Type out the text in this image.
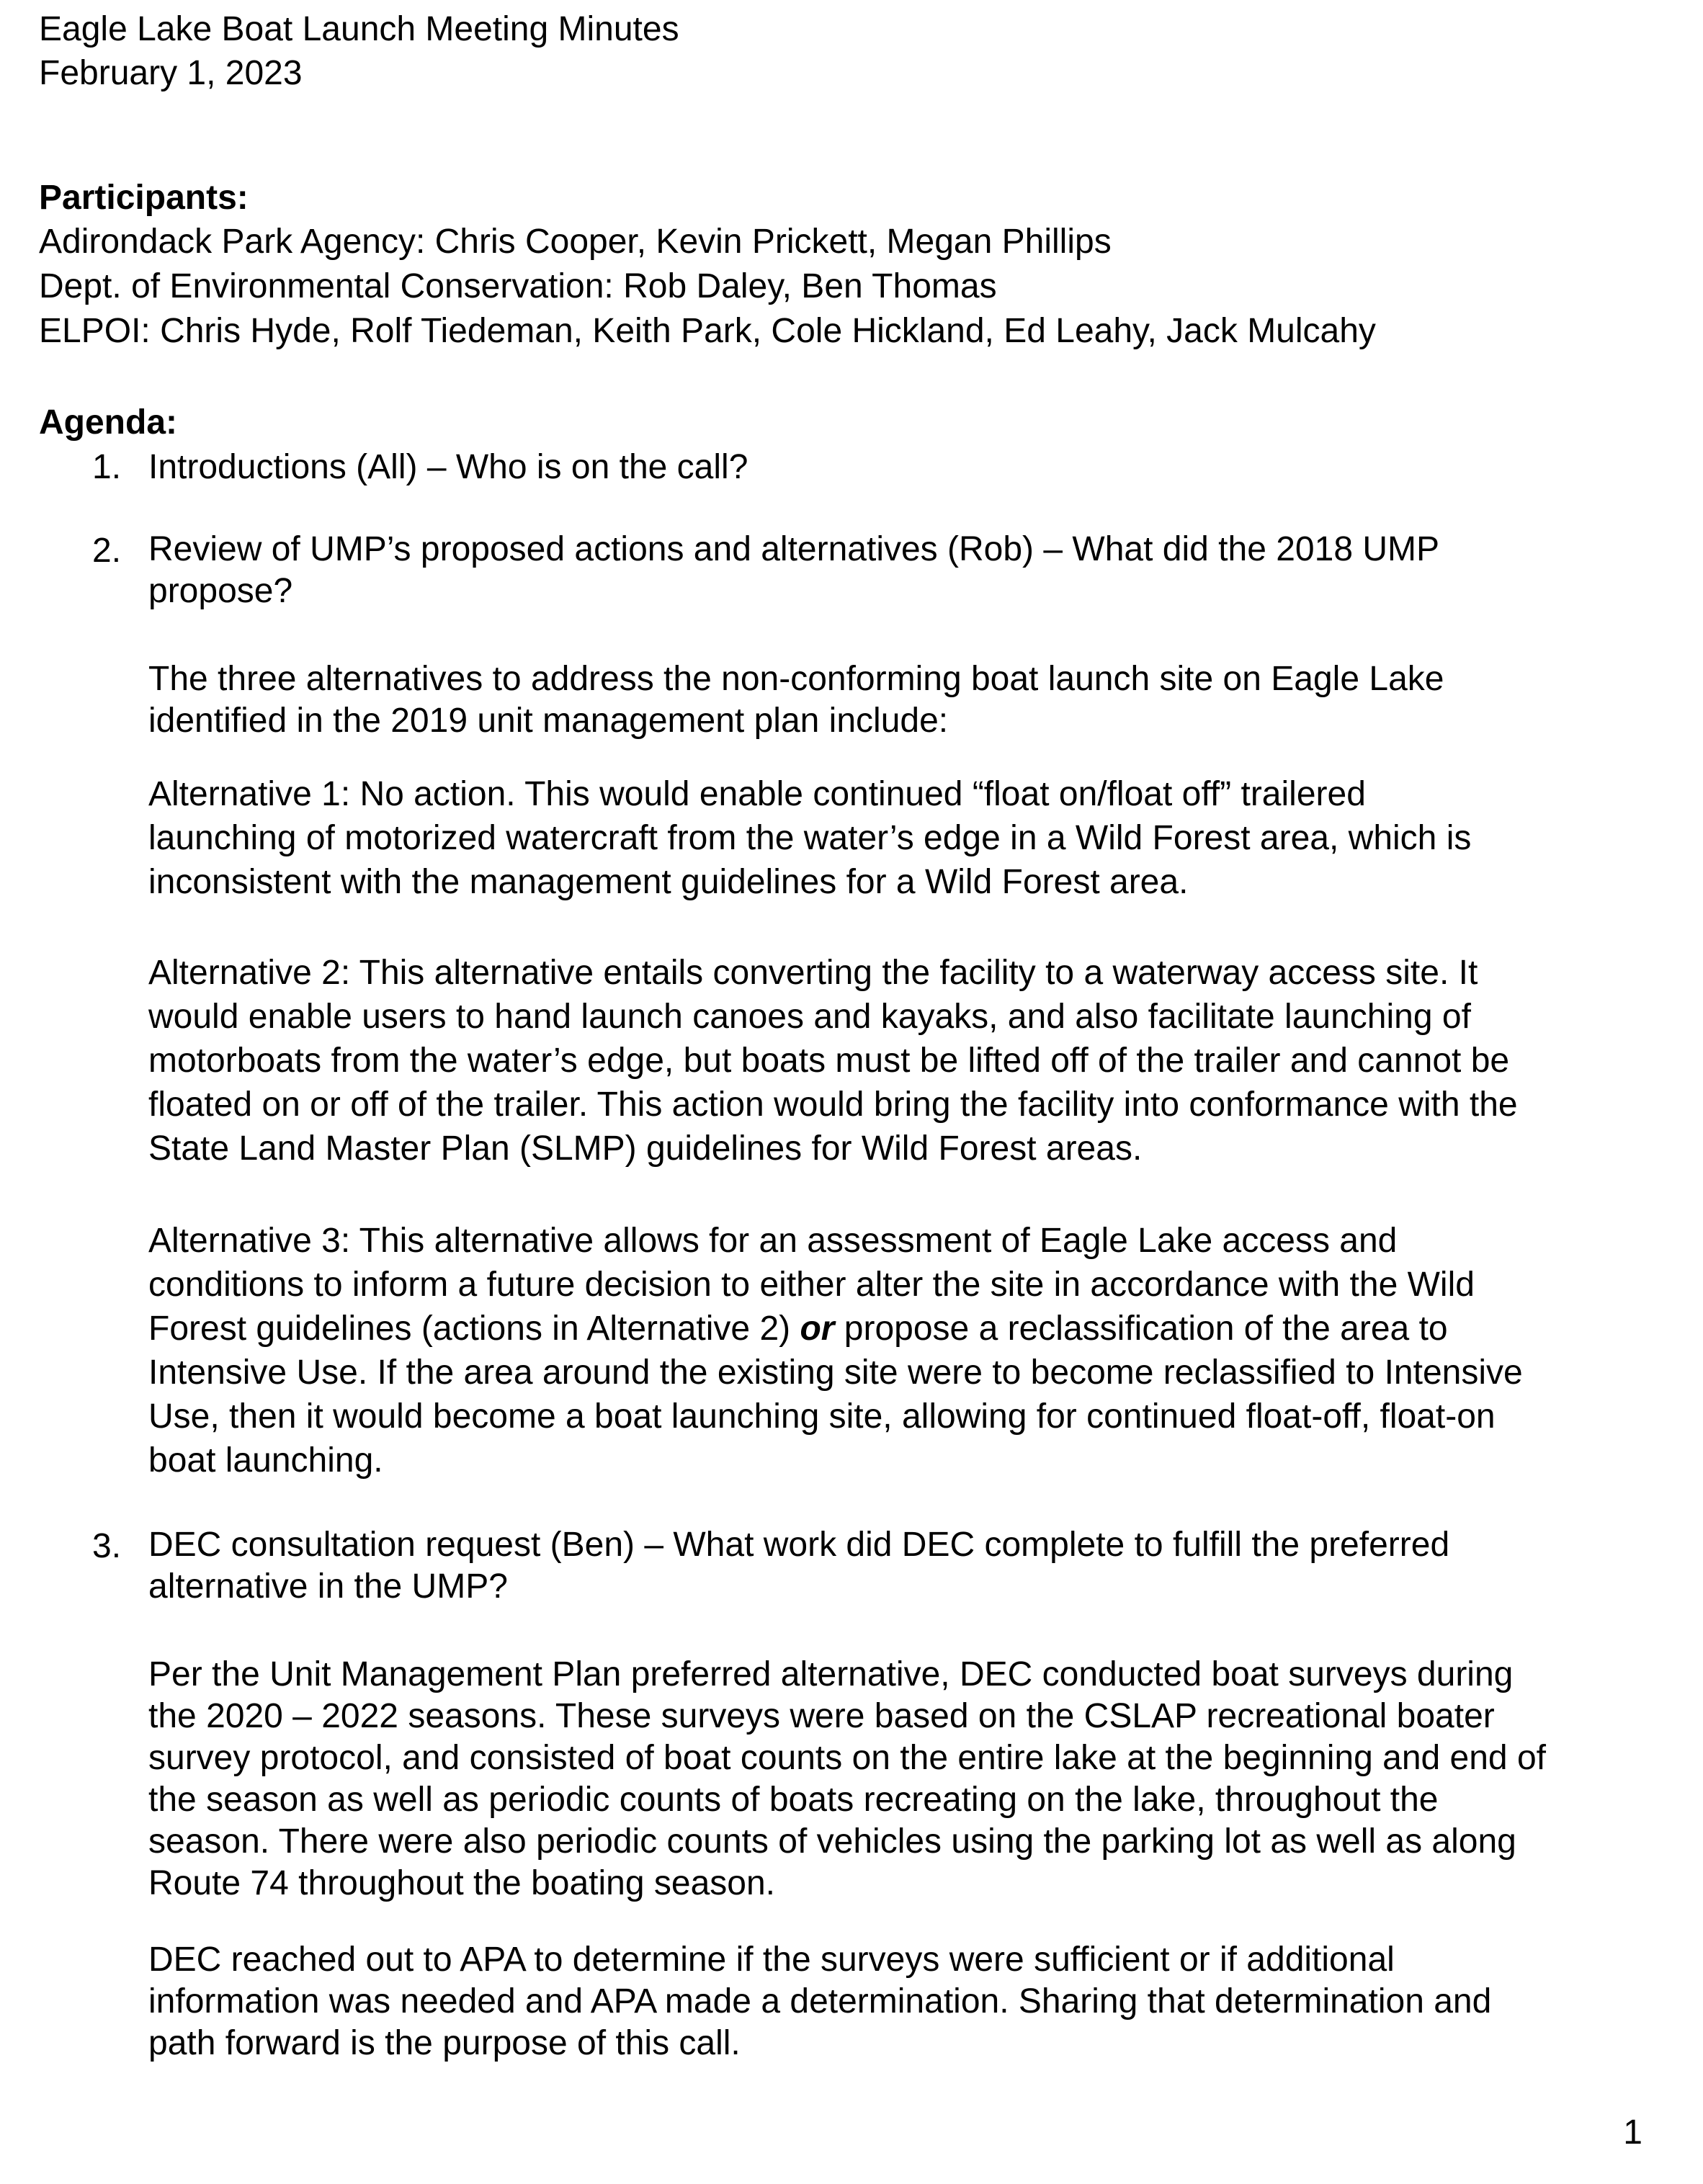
Eagle Lake Boat Launch Meeting Minutes
February 1, 2023
Participants:
Adirondack Park Agency: Chris Cooper, Kevin Prickett, Megan Phillips
Dept. of Environmental Conservation: Rob Daley, Ben Thomas
ELPOI: Chris Hyde, Rolf Tiedeman, Keith Park, Cole Hickland, Ed Leahy, Jack Mulcahy
Agenda:
1. Introductions (All) – Who is on the call?
2. Review of UMP’s proposed actions and alternatives (Rob) – What did the 2018 UMP
propose?
The three alternatives to address the non-conforming boat launch site on Eagle Lake
identified in the 2019 unit management plan include:
Alternative 1: No action. This would enable continued “float on/float off” trailered
launching of motorized watercraft from the water’s edge in a Wild Forest area, which is
inconsistent with the management guidelines for a Wild Forest area.
Alternative 2: This alternative entails converting the facility to a waterway access site. It
would enable users to hand launch canoes and kayaks, and also facilitate launching of
motorboats from the water’s edge, but boats must be lifted off of the trailer and cannot be
floated on or off of the trailer. This action would bring the facility into conformance with the
State Land Master Plan (SLMP) guidelines for Wild Forest areas.
Alternative 3: This alternative allows for an assessment of Eagle Lake access and
conditions to inform a future decision to either alter the site in accordance with the Wild
Forest guidelines (actions in Alternative 2) or propose a reclassification of the area to
Intensive Use. If the area around the existing site were to become reclassified to Intensive
Use, then it would become a boat launching site, allowing for continued float-off, float-on
boat launching.
3. DEC consultation request (Ben) – What work did DEC complete to fulfill the preferred
alternative in the UMP?
Per the Unit Management Plan preferred alternative, DEC conducted boat surveys during
the 2020 – 2022 seasons. These surveys were based on the CSLAP recreational boater
survey protocol, and consisted of boat counts on the entire lake at the beginning and end of
the season as well as periodic counts of boats recreating on the lake, throughout the
season. There were also periodic counts of vehicles using the parking lot as well as along
Route 74 throughout the boating season.
DEC reached out to APA to determine if the surveys were sufficient or if additional
information was needed and APA made a determination. Sharing that determination and
path forward is the purpose of this call.
1
